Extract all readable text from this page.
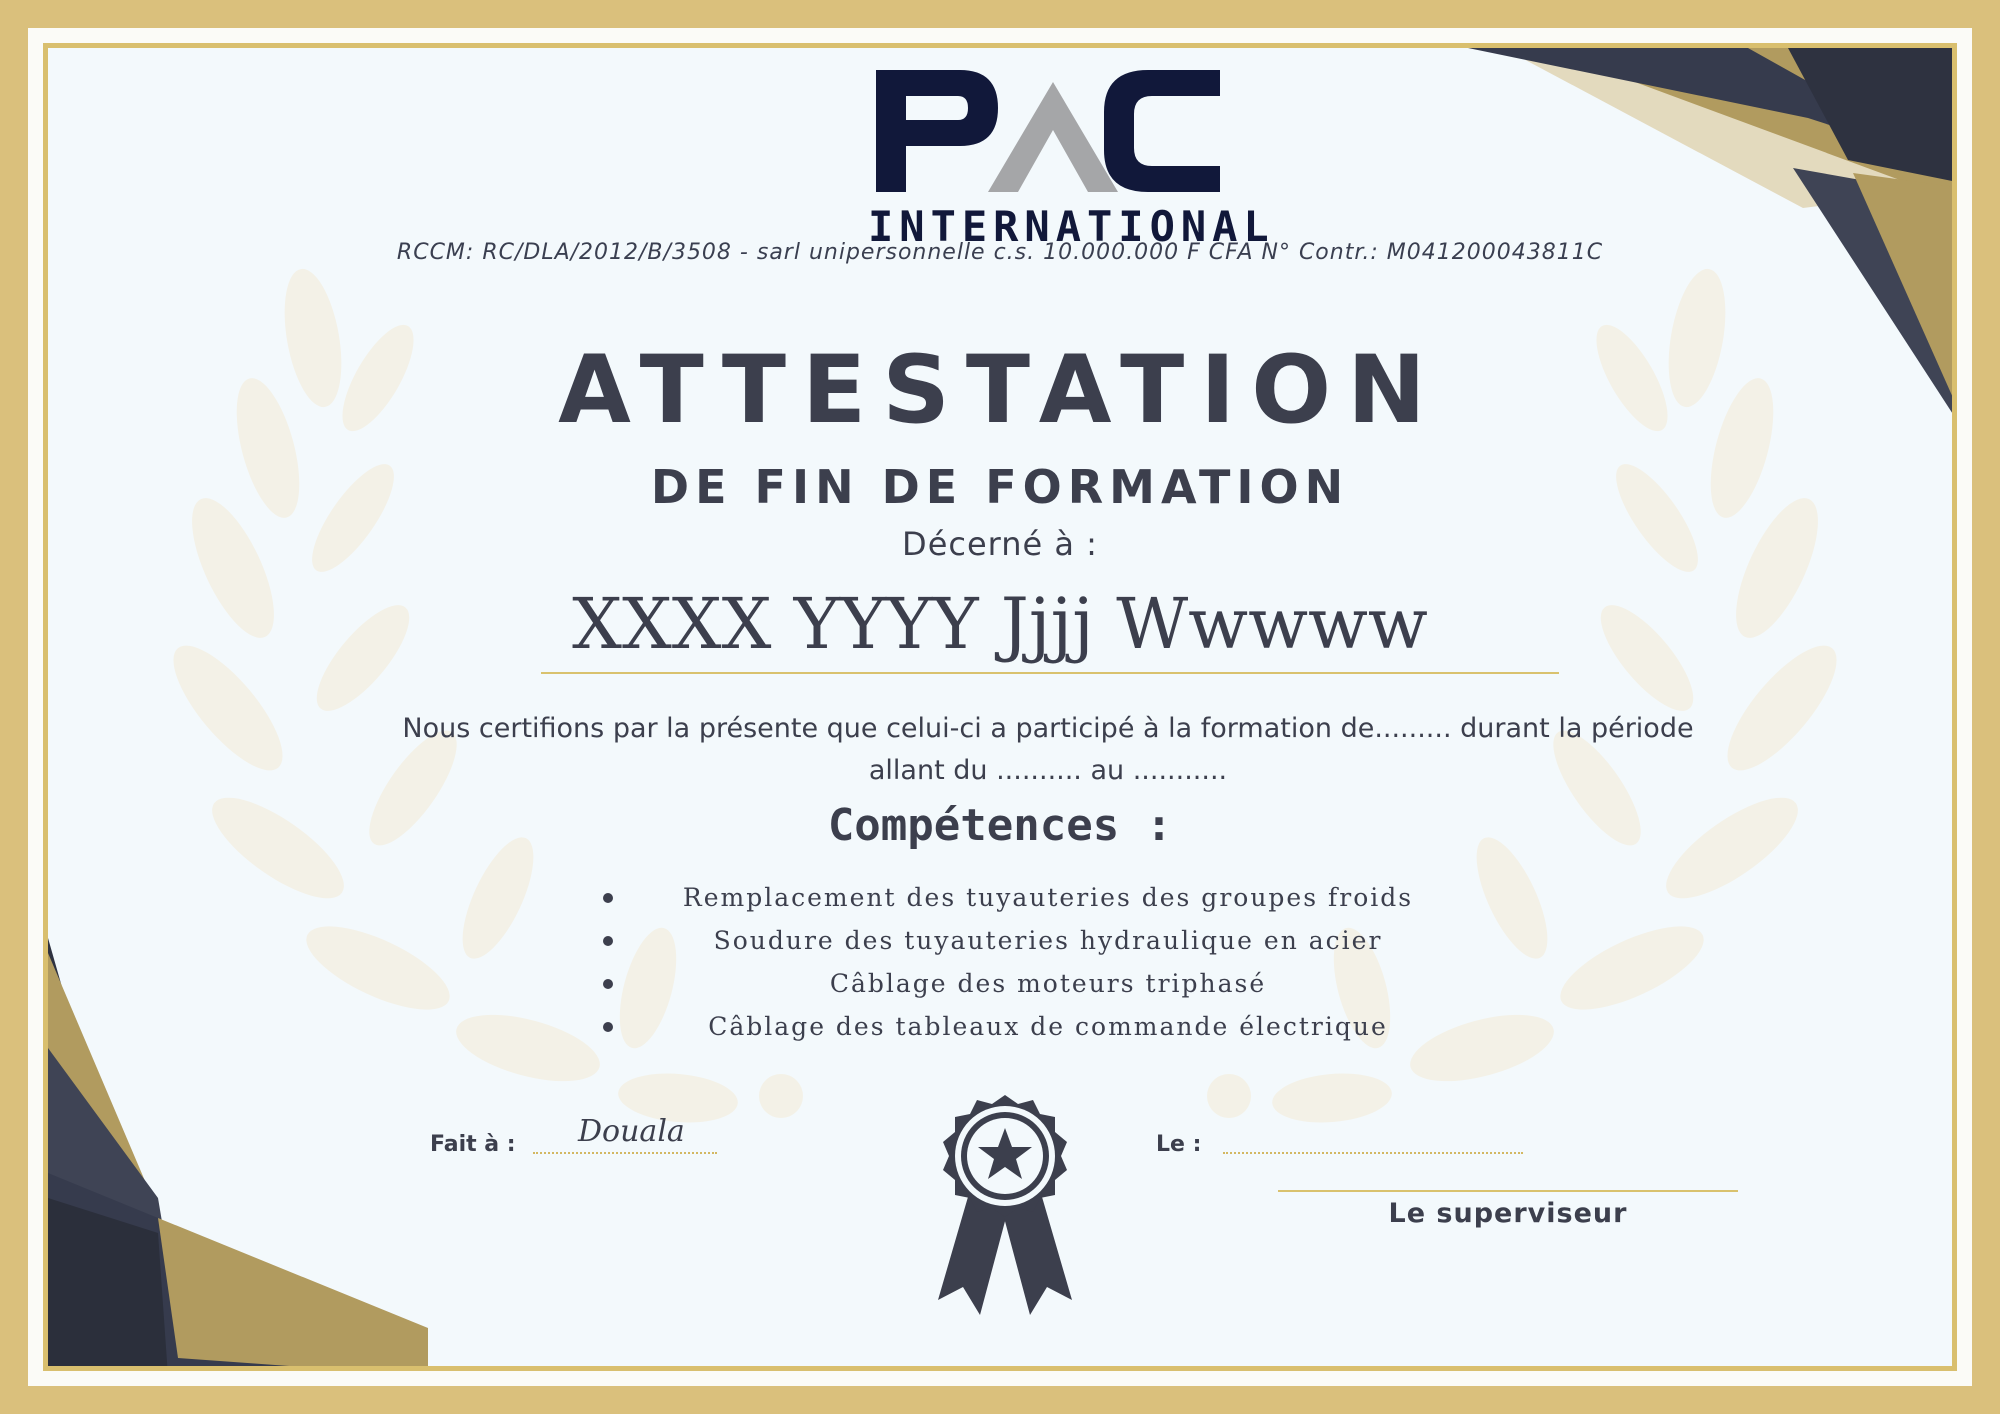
INTERNATIONAL
RCCM: RC/DLA/2012/B/3508 - sarl unipersonnelle c.s. 10.000.000 F CFA N° Contr.: M041200043811C
ATTESTATION
DE FIN DE FORMATION
Décerné à :
XXXX YYYY Jjjj Wwwww
Nous certifions par la présente que celui-ci a participé à la formation de......... durant la période allant du .......... au ...........
Compétences :
Remplacement des tuyauteries des groupes froids
Soudure des tuyauteries hydraulique en acier
Câblage des moteurs triphasé
Câblage des tableaux de commande électrique
Fait à : Douala	Le :
Le superviseur
